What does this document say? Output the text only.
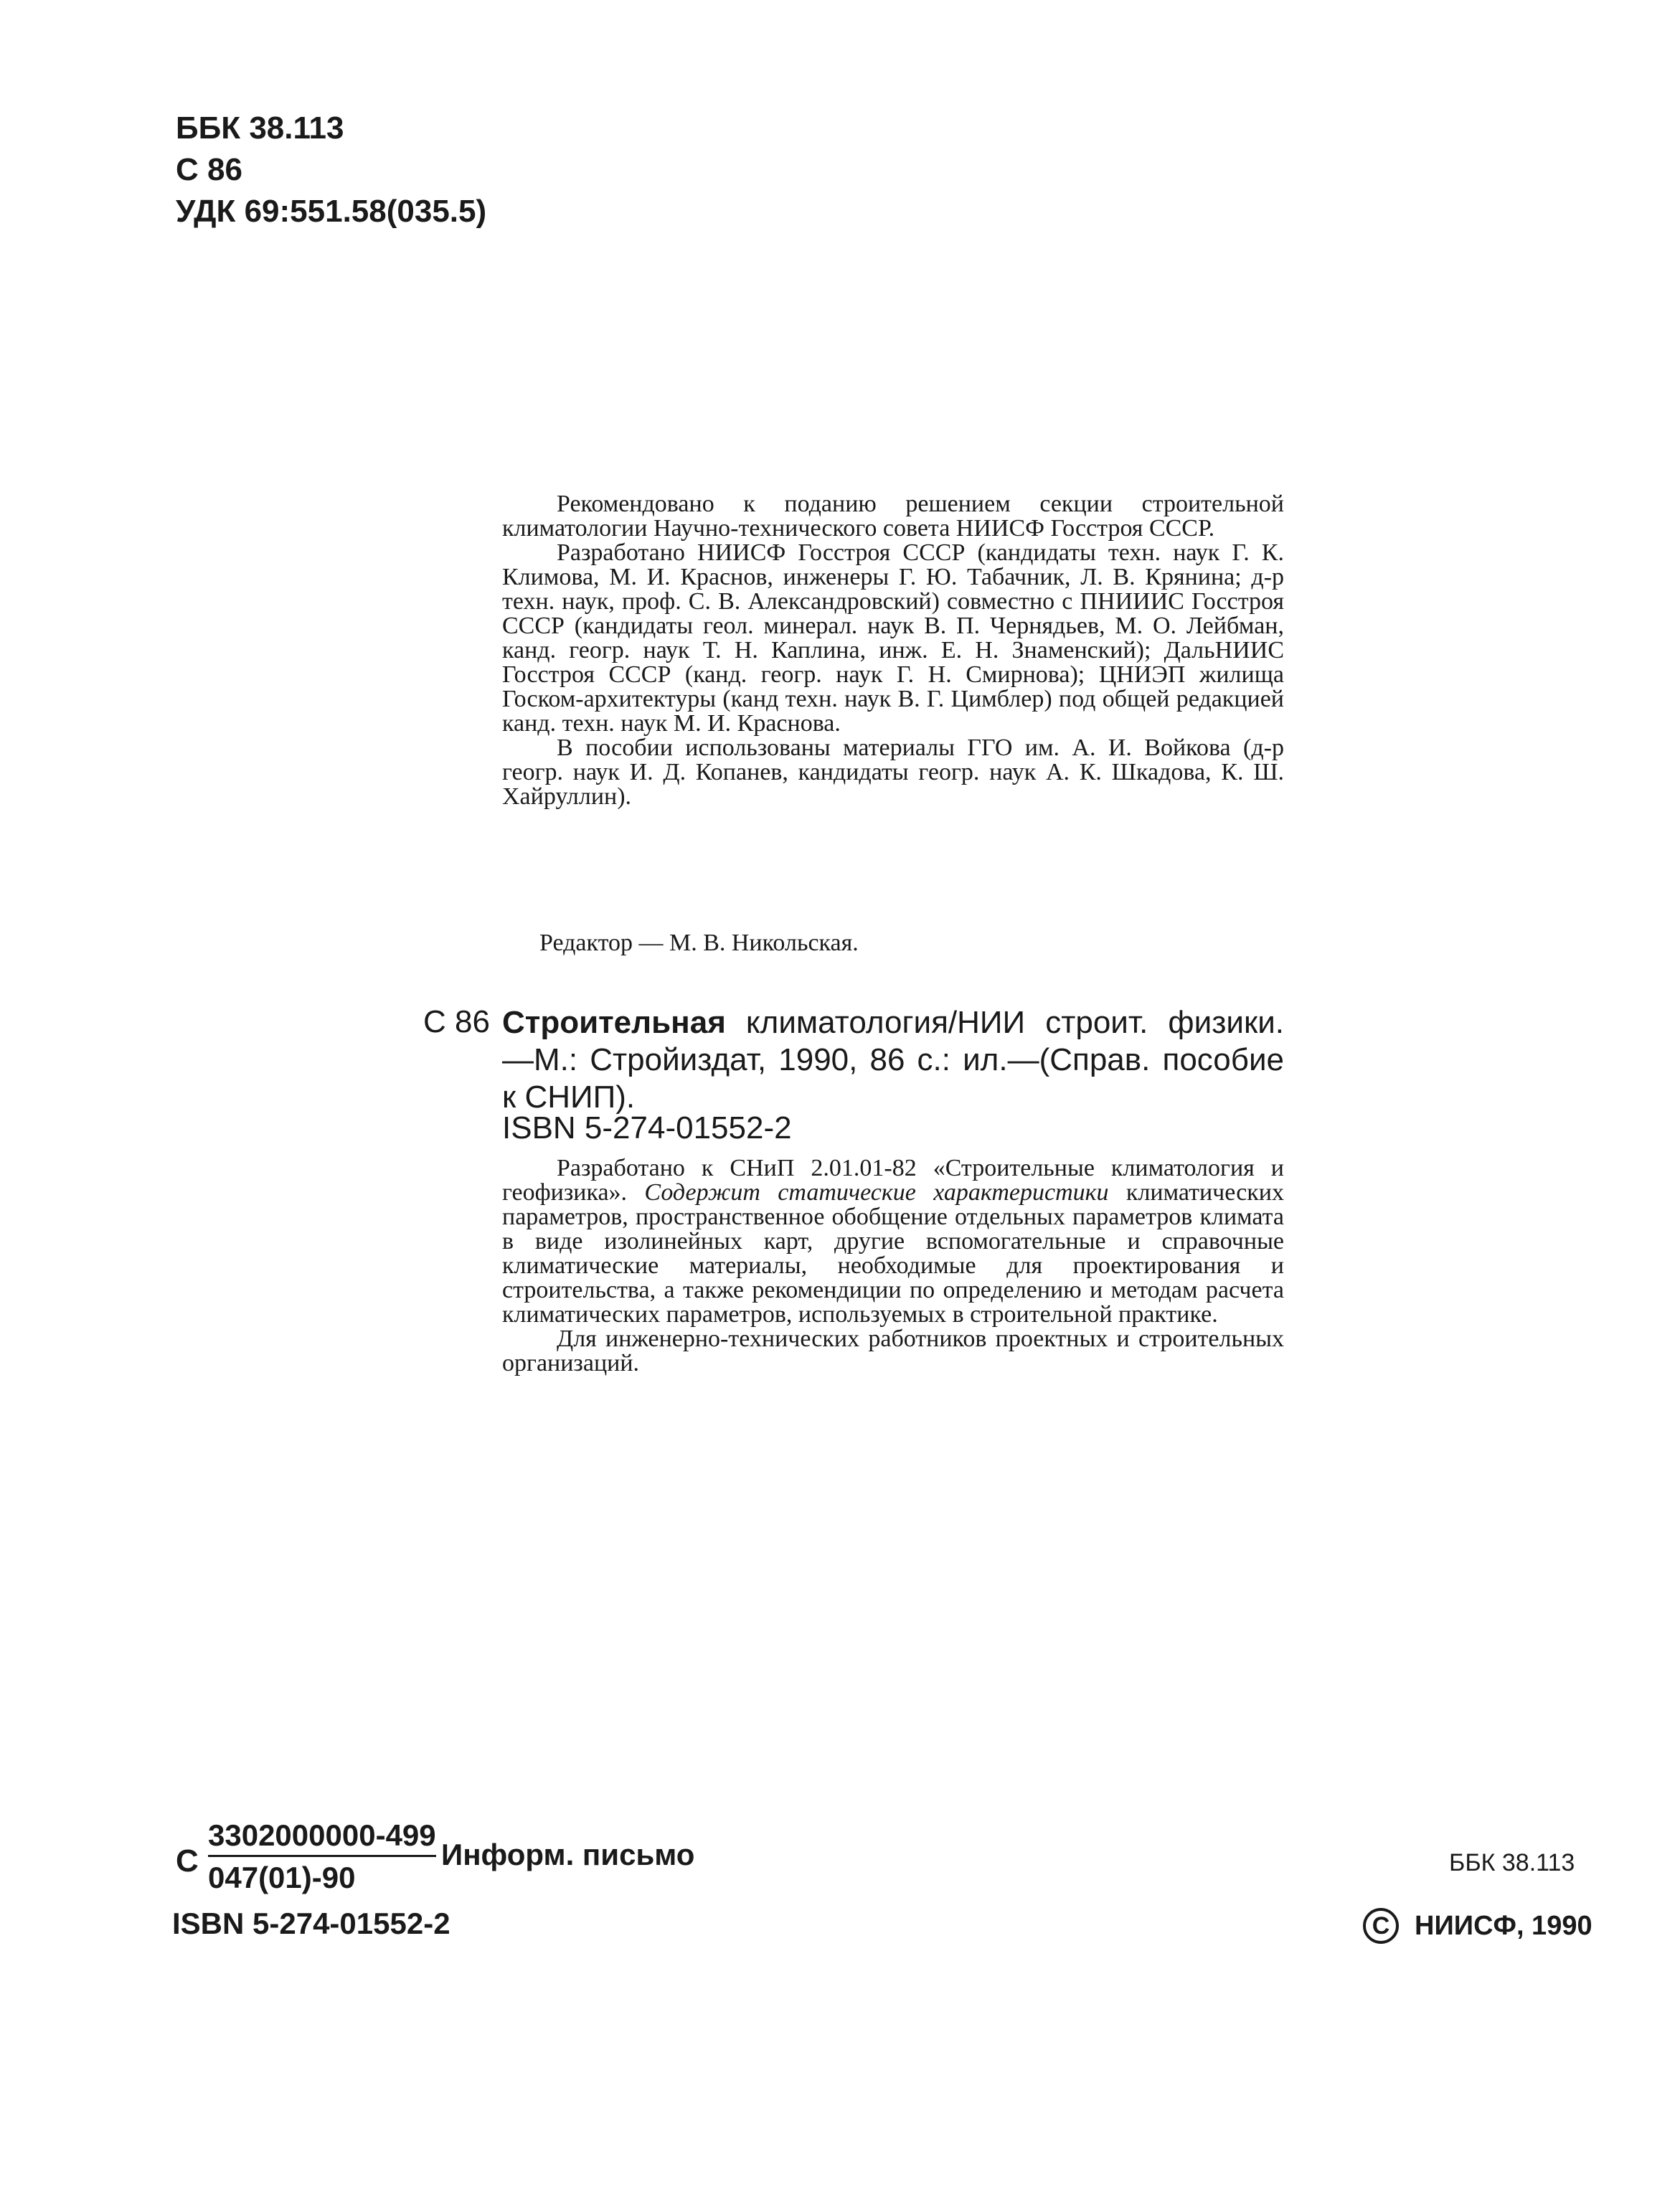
ББК 38.113
С 86
УДК 69:551.58(035.5)

Рекомендовано к поданию решением секции строительной климатологии Научно-технического совета НИИСФ Госстроя СССР.

Разработано НИИСФ Госстроя СССР (кандидаты техн. наук Г. К. Климова, М. И. Краснов, инженеры Г. Ю. Табачник, Л. В. Крянина; д-р техн. наук, проф. С. В. Александровский) совместно с ПНИИИС Госстроя СССР (кандидаты геол. минерал. наук В. П. Чернядьев, М. О. Лейбман, канд. геогр. наук Т. Н. Каплина, инж. Е. Н. Знаменский); ДальНИИС Госстроя СССР (канд. геогр. наук Г. Н. Смирнова); ЦНИЭП жилища Госком-архитектуры (канд техн. наук В. Г. Цимблер) под общей редакцией канд. техн. наук М. И. Краснова.

В пособии использованы материалы ГГО им. А. И. Войкова (д-р геогр. наук И. Д. Копанев, кандидаты геогр. наук А. К. Шкадова, К. Ш. Хайруллин).

Редактор — М. В. Никольская.
С 86 Строительная климатология/НИИ строит. физики. —М.: Стройиздат, 1990, 86 с.: ил.—(Справ. пособие к СНИП).
ISBN 5-274-01552-2

Разработано к СНиП 2.01.01-82 «Строительные климатология и геофизика». Содержит статические характеристики климатических параметров, пространственное обобщение отдельных параметров климата в виде изолинейных карт, другие вспомогательные и справочные климатические материалы, необходимые для проектирования и строительства, а также рекомендиции по определению и методам расчета климатических параметров, используемых в строительной практике.

Для инженерно-технических работников проектных и строительных организаций.

С
3302000000-499
047(01)-90
Информ. письмо
ISBN 5-274-01552-2
ББК 38.113
C НИИСФ, 1990
